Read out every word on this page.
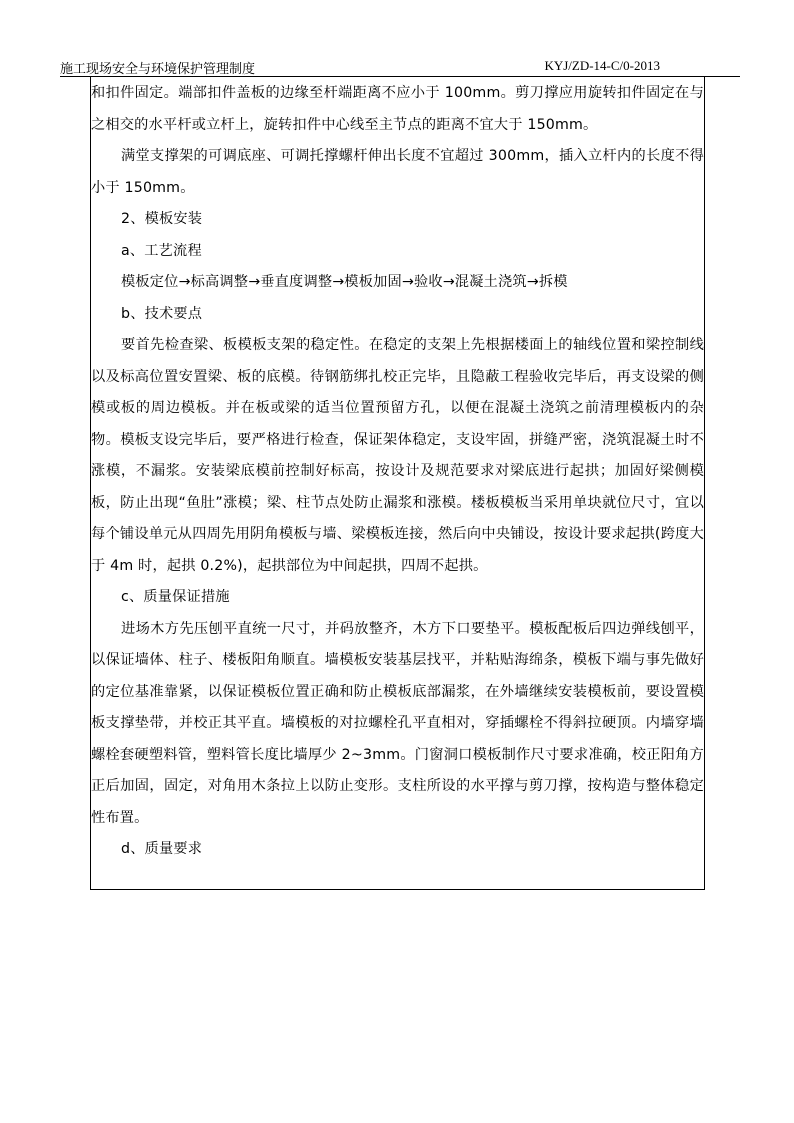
施工现场安全与环境保护管理制度	KYJ/ZD-14-C/0-2013

和扣件固定。端部扣件盖板的边缘至杆端距离不应小于 100mm。剪刀撑应用旋转扣件固定在与之相交的水平杆或立杆上，旋转扣件中心线至主节点的距离不宜大于 150mm。

满堂支撑架的可调底座、可调托撑螺杆伸出长度不宜超过 300mm，插入立杆内的长度不得小于 150mm。

2、模板安装

a、工艺流程

模板定位→标高调整→垂直度调整→模板加固→验收→混凝土浇筑→拆模

b、技术要点

要首先检查梁、板模板支架的稳定性。在稳定的支架上先根据楼面上的轴线位置和梁控制线以及标高位置安置梁、板的底模。待钢筋绑扎校正完毕，且隐蔽工程验收完毕后，再支设梁的侧模或板的周边模板。并在板或梁的适当位置预留方孔，以便在混凝土浇筑之前清理模板内的杂物。模板支设完毕后，要严格进行检查，保证架体稳定，支设牢固，拼缝严密，浇筑混凝土时不涨模，不漏浆。安装梁底模前控制好标高，按设计及规范要求对梁底进行起拱；加固好梁侧模板，防止出现“鱼肚”涨模；梁、柱节点处防止漏浆和涨模。楼板模板当采用单块就位尺寸，宜以每个铺设单元从四周先用阴角模板与墙、梁模板连接，然后向中央铺设，按设计要求起拱(跨度大于 4m 时，起拱 0.2%)，起拱部位为中间起拱，四周不起拱。

c、质量保证措施

进场木方先压刨平直统一尺寸，并码放整齐，木方下口要垫平。模板配板后四边弹线刨平，以保证墙体、柱子、楼板阳角顺直。墙模板安装基层找平，并粘贴海绵条，模板下端与事先做好的定位基准靠紧，以保证模板位置正确和防止模板底部漏浆，在外墙继续安装模板前，要设置模板支撑垫带，并校正其平直。墙模板的对拉螺栓孔平直相对，穿插螺栓不得斜拉硬顶。内墙穿墙螺栓套硬塑料管，塑料管长度比墙厚少 2~3mm。门窗洞口模板制作尺寸要求准确，校正阳角方正后加固，固定，对角用木条拉上以防止变形。支柱所设的水平撑与剪刀撑，按构造与整体稳定性布置。

d、质量要求
